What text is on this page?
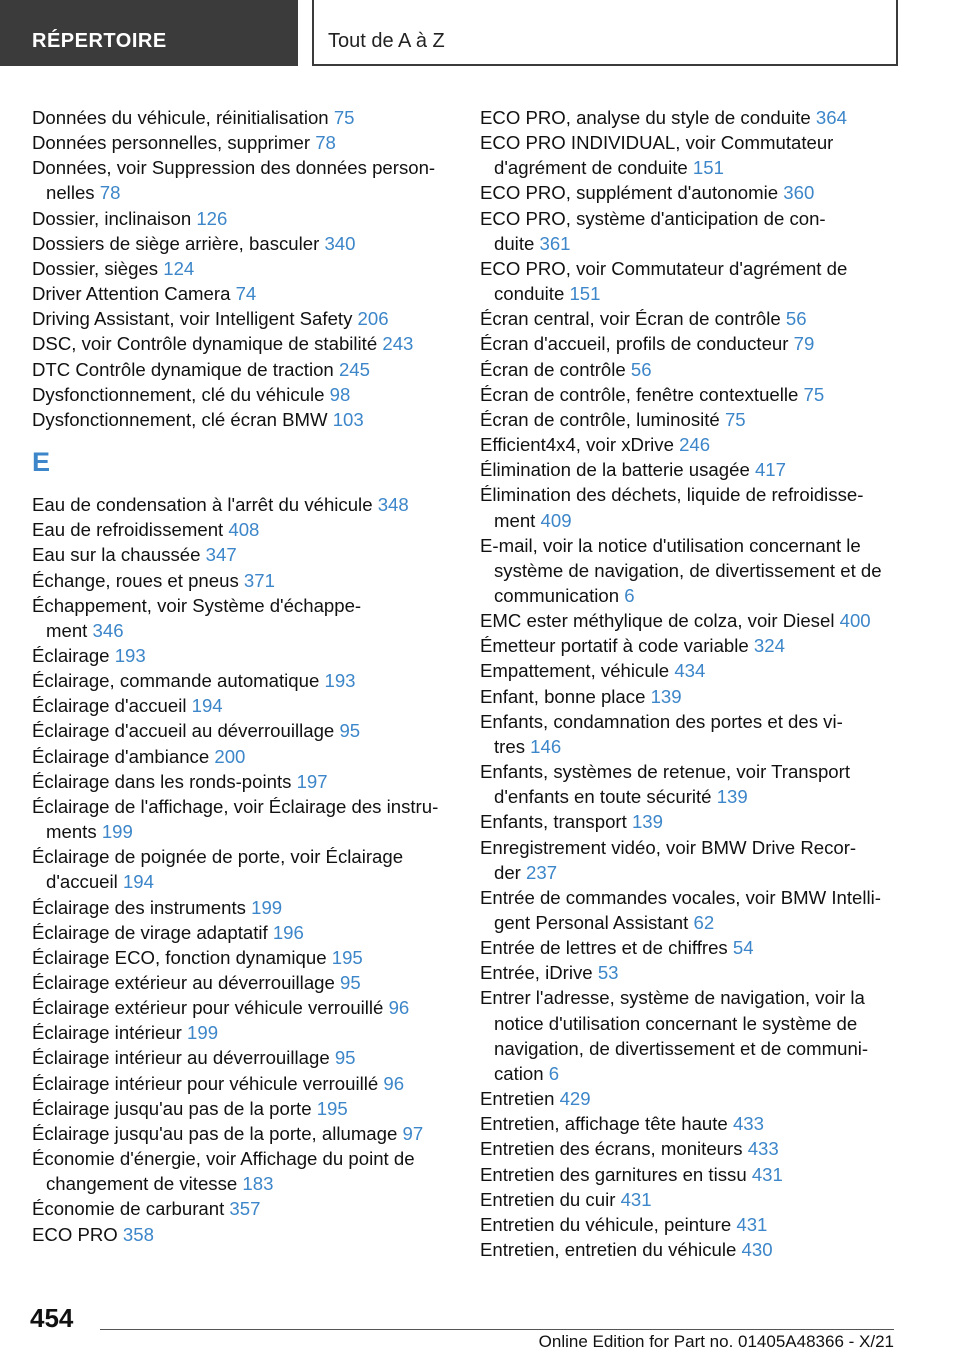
RÉPERTOIRE	Tout de A à Z
Données du véhicule, réinitialisation 75
Données personnelles, supprimer 78
Données, voir Suppression des données person-
nelles 78
Dossier, inclinaison 126
Dossiers de siège arrière, basculer 340
Dossier, sièges 124
Driver Attention Camera 74
Driving Assistant, voir Intelligent Safety 206
DSC, voir Contrôle dynamique de stabilité 243
DTC Contrôle dynamique de traction 245
Dysfonctionnement, clé du véhicule 98
Dysfonctionnement, clé écran BMW 103
E
Eau de condensation à l'arrêt du véhicule 348
Eau de refroidissement 408
Eau sur la chaussée 347
Échange, roues et pneus 371
Échappement, voir Système d'échappe-
ment 346
Éclairage 193
Éclairage, commande automatique 193
Éclairage d'accueil 194
Éclairage d'accueil au déverrouillage 95
Éclairage d'ambiance 200
Éclairage dans les ronds-points 197
Éclairage de l'affichage, voir Éclairage des instru-
ments 199
Éclairage de poignée de porte, voir Éclairage
d'accueil 194
Éclairage des instruments 199
Éclairage de virage adaptatif 196
Éclairage ECO, fonction dynamique 195
Éclairage extérieur au déverrouillage 95
Éclairage extérieur pour véhicule verrouillé 96
Éclairage intérieur 199
Éclairage intérieur au déverrouillage 95
Éclairage intérieur pour véhicule verrouillé 96
Éclairage jusqu'au pas de la porte 195
Éclairage jusqu'au pas de la porte, allumage 97
Économie d'énergie, voir Affichage du point de
changement de vitesse 183
Économie de carburant 357
ECO PRO 358
ECO PRO, analyse du style de conduite 364
ECO PRO INDIVIDUAL, voir Commutateur
d'agrément de conduite 151
ECO PRO, supplément d'autonomie 360
ECO PRO, système d'anticipation de con-
duite 361
ECO PRO, voir Commutateur d'agrément de
conduite 151
Écran central, voir Écran de contrôle 56
Écran d'accueil, profils de conducteur 79
Écran de contrôle 56
Écran de contrôle, fenêtre contextuelle 75
Écran de contrôle, luminosité 75
Efficient4x4, voir xDrive 246
Élimination de la batterie usagée 417
Élimination des déchets, liquide de refroidisse-
ment 409
E-mail, voir la notice d'utilisation concernant le
système de navigation, de divertissement et de
communication 6
EMC ester méthylique de colza, voir Diesel 400
Émetteur portatif à code variable 324
Empattement, véhicule 434
Enfant, bonne place 139
Enfants, condamnation des portes et des vi-
tres 146
Enfants, systèmes de retenue, voir Transport
d'enfants en toute sécurité 139
Enfants, transport 139
Enregistrement vidéo, voir BMW Drive Recor-
der 237
Entrée de commandes vocales, voir BMW Intelli-
gent Personal Assistant 62
Entrée de lettres et de chiffres 54
Entrée, iDrive 53
Entrer l'adresse, système de navigation, voir la
notice d'utilisation concernant le système de
navigation, de divertissement et de communi-
cation 6
Entretien 429
Entretien, affichage tête haute 433
Entretien des écrans, moniteurs 433
Entretien des garnitures en tissu 431
Entretien du cuir 431
Entretien du véhicule, peinture 431
Entretien, entretien du véhicule 430
454
Online Edition for Part no. 01405A48366 - X/21
